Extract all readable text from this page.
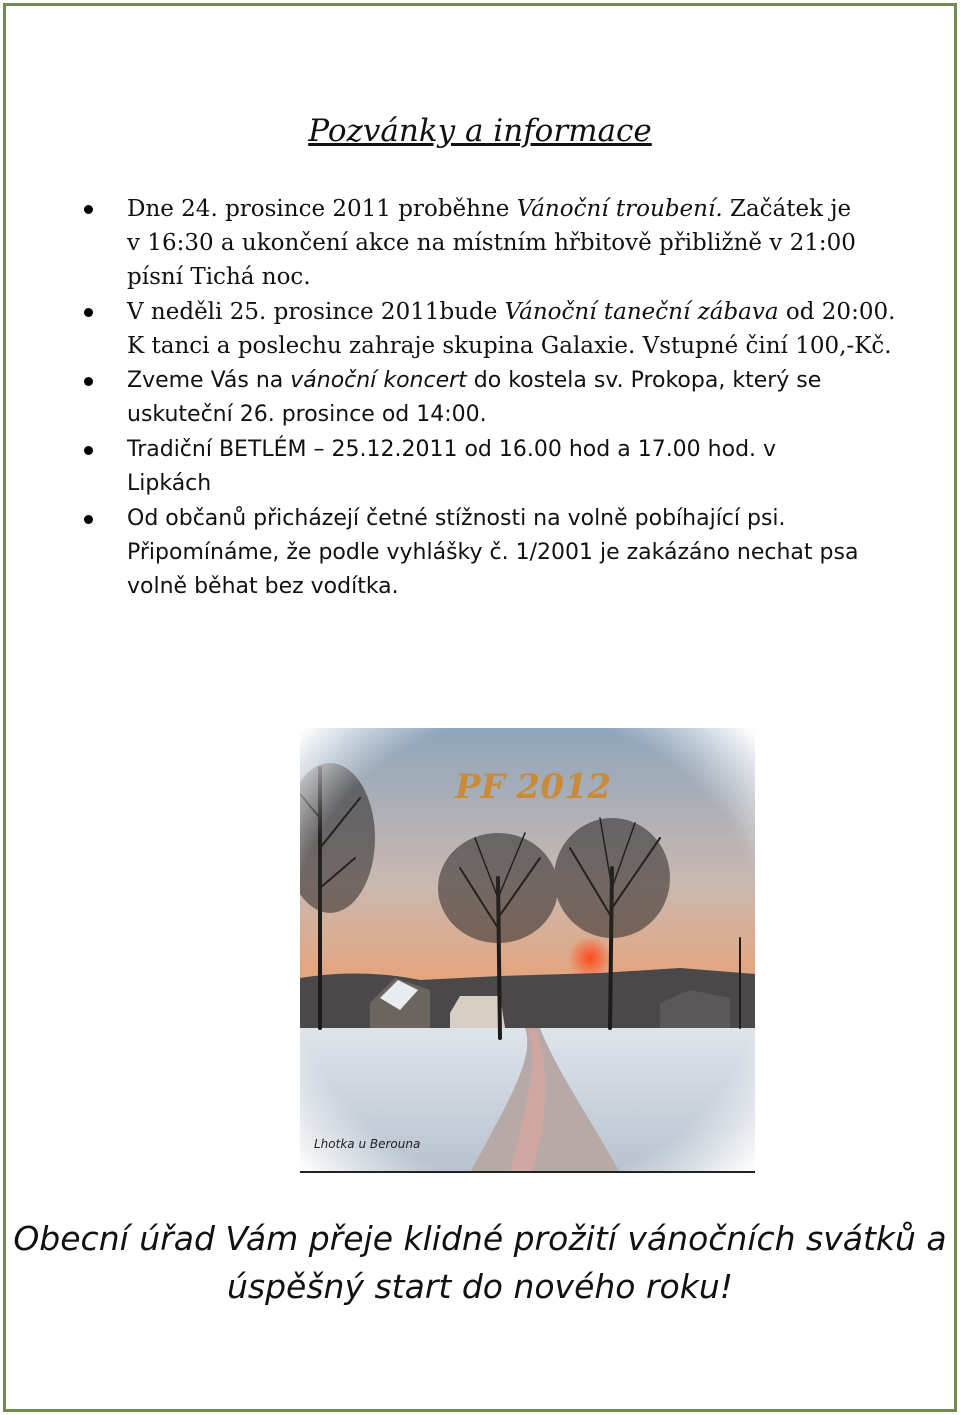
Pozvánky a informace
Dne 24. prosince 2011 proběhne Vánoční troubení. Začátek je
v 16:30 a ukončení akce na místním hřbitově přibližně v 21:00
písní Tichá noc.
V neděli 25. prosince 2011bude Vánoční taneční zábava od 20:00.
K tanci a poslechu zahraje skupina Galaxie. Vstupné činí 100,-Kč.
Zveme Vás na vánoční koncert do kostela sv. Prokopa, který se
uskuteční 26. prosince od 14:00.
Tradiční BETLÉM – 25.12.2011 od 16.00 hod a 17.00 hod. v
Lipkách
Od občanů přicházejí četné stížnosti na volně pobíhající psi.
Připomínáme, že podle vyhlášky č. 1/2001 je zakázáno nechat psa
volně běhat bez vodítka.
PF 2012
Lhotka u Berouna
Obecní úřad Vám přeje klidné prožití vánočních svátků a
úspěšný start do nového roku!
